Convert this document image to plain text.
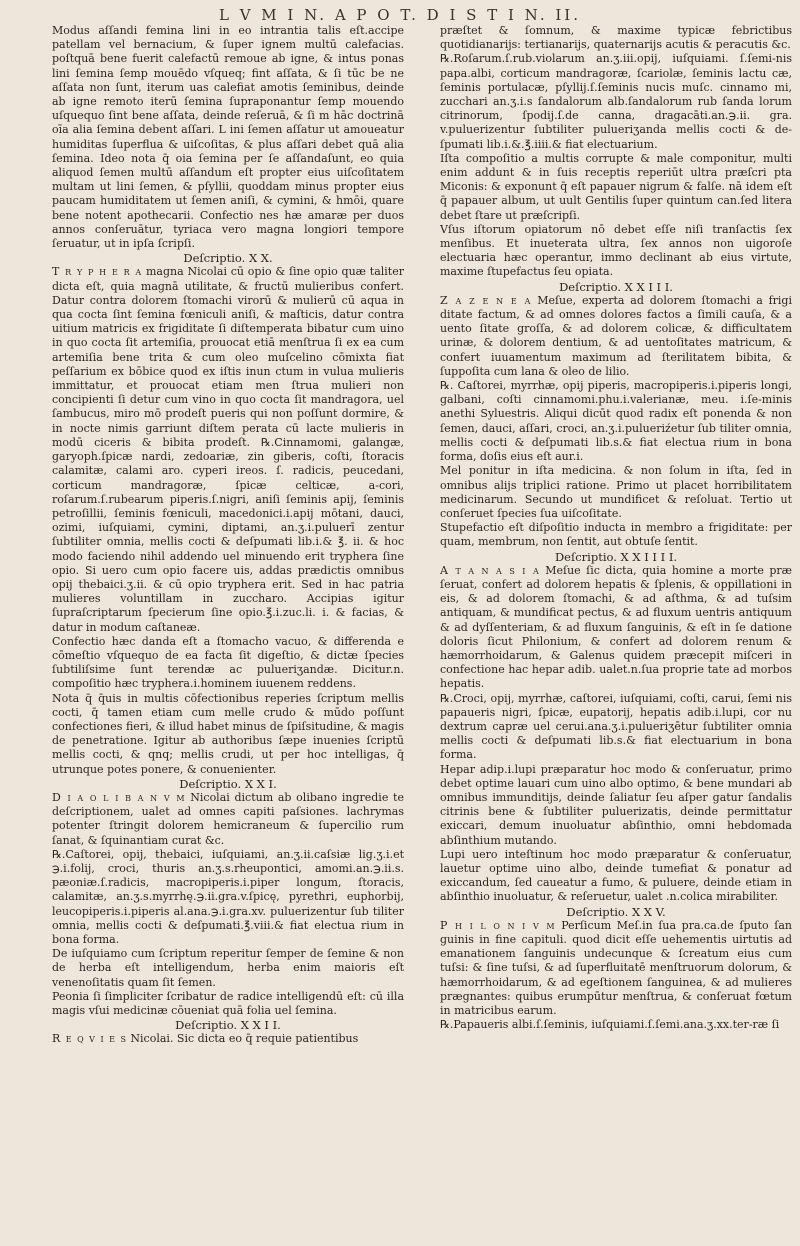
L V M I N. A P O T. D I S T I N. II.

Modus aſſandi femina lini in eo intrantia talis eſt.accipe patellam vel bernacium, & ſuper ignem multū calefacias. poſtquā bene fuerit calefactū remoue ab igne, & intus ponas lini ſemina ſemp mouēdo vſqueq; fint aſſata, & ſi tūc be ne aſſata non ſunt, iterum uas calefiat amotis ſeminibus, deinde ab igne remoto iterū ſemina ſupraponantur ſemp mouendo uſquequo ſint bene aſſata, deinde reſeruā, & ſi m hāc doctrinā oīa alia ſemina debent aſſari. L ini ſemen aſſatur ut amoueatur humiditas ſuperflua & uiſcoſitas, & plus aſſari debet quā alia ſemina. Ideo nota q̄ oia ſemina per ſe aſſandaſunt, eo quia aliquod ſemen multū aſſandum eſt propter eius uiſcoſitatem multam ut lini ſemen, & pſyllii, quoddam minus propter eius paucam humiditatem ut ſemen aniſi, & cymini, & hmōi, quare bene notent apothecarii. Confectio nes hæ amaræ per duos annos conſeruātur, tyriaca vero magna longiori tempore ſeruatur, ut in ipſa ſcripſi.

Deſcriptio. X X.

T r y p h e r a magna Nicolai cū opio & ſine opio quæ taliter dicta eſt, quia magnā utilitate, & fructū mulieribus confert. Datur contra dolorem ſtomachi virorū & mulierū cū aqua in qua cocta ſint ſemina fœniculi aniſi, & maſticis, datur contra uitium matricis ex frigiditate ſi diſtemperata bibatur cum uino in quo cocta ſit artemiſia, prouocat etiā menſtrua ſi ex ea cum artemiſia bene trita & cum oleo muſcelino cōmixta fiat peſſarium ex bōbice quod ex iſtis inun ctum in vulua mulieris immittatur, et prouocat etiam men ſtrua mulieri non concipienti ſi detur cum vino in quo cocta ſit mandragora, uel ſambucus, miro mō prodeſt pueris qui non poſſunt dormire, & in nocte nimis garriunt diſtem perata cū lacte mulieris in modū ciceris & bibita prodeſt. ℞.Cinnamomi, galangæ, garyoph.ſpicæ nardi, zedoariæ, zin giberis, coſti, ſtoracis calamitæ, calami aro. cyperi ireos. ſ. radicis, peucedani, corticum mandragoræ, ſpicæ celticæ, a-cori, roſarum.ſ.rubearum piperis.ſ.nigri, aniſi ſeminis apij, ſeminis petroſillii, ſeminis fœniculi, macedonici.i.apij mōtani, dauci, ozimi, iuſquiami, cymini, diptami, an.ʒ.i.puluerī zentur ſubtiliter omnia, mellis cocti & deſpumati lib.i.& ℥. ii. & hoc modo faciendo nihil addendo uel minuendo erit tryphera ſine opio. Si uero cum opio facere uis, addas prædictis omnibus opij thebaici.ʒ.ii. & cū opio tryphera erit. Sed in hac patria mulieres voluntillam in zuccharo. Accipias igitur ſupraſcriptarum ſpecierum ſine opio.℥.i.zuc.li. i. & facias, & datur in modum caſtaneæ.

Confectio hæc danda eſt a ſtomacho vacuo, & differenda e cōmeſtio vſquequo de ea facta ſit digeſtio, & dictæ ſpecies ſubtiliſsime ſunt terendæ ac pulueriʒandæ. Dicitur.n. compoſitio hæc tryphera.i.hominem iuuenem reddens.

Nota q̄ q̄uis in multis cōfectionibus reperies ſcriptum mellis cocti, q̄ tamen etiam cum melle crudo & mūdo poſſunt confectiones fieri, & illud habet minus de ſpiſsitudine, & magis de penetratione. Igitur ab authoribus ſæpe inuenies ſcriptū mellis cocti, & qnq; mellis crudi, ut per hoc intelligas, q̄ utrunque potes ponere, & conuenienter.

Deſcriptio. X X I.

D i a o l i b a n v m Nicolai dictum ab olibano ingredie te deſcriptionem, ualet ad omnes capiti paſsiones. lachrymas potenter ſtringit dolorem hemicraneum & ſupercilio rum ſanat, & ſquinantiam curat &c.

℞.Caſtorei, opij, thebaici, iuſquiami, an.ʒ.ii.caſsiæ lig.ʒ.i.et ℈.i.folij, croci, thuris an.ʒ.s.rheupontici, amomi.an.℈.ii.s. pæoniæ.ſ.radicis, macropiperis.i.piper longum, ſtoracis, calamitæ, an.ʒ.s.myrrhę.℈.ii.gra.v.ſpicę, pyrethri, euphorbij, leucopiperis.i.piperis al.ana.℈.i.gra.xv. puluerizentur ſub tiliter omnia, mellis cocti & deſpumati.℥.viii.& fiat electua rium in bona forma.

De iuſquiamo cum ſcriptum reperitur ſemper de ſemine & non de herba eſt intelligendum, herba enim maioris eſt venenoſitatis quam ſit ſemen.

Peonia ſi ſimpliciter ſcribatur de radice intelligendū eſt: cū illa magis vſui medicinæ cōueniat quā folia uel ſemina.

Deſcriptio. X X I I.

R e q v i e s Nicolai. Sic dicta eo q̄ requie patientibus

præſtet & ſomnum, & maxime typicæ febrictibus quotidianarijs: tertianarijs, quaternarijs acutis & peracutis &c.

℞.Roſarum.ſ.rub.violarum an.ʒ.iii.opij, iuſquiami. ſ.ſemi-nis papa.albi, corticum mandragoræ, ſcariolæ, ſeminis lactu cæ, ſeminis portulacæ, pſyllij.ſ.ſeminis nucis muſc. cinnamo mi, zucchari an.ʒ.i.s ſandalorum alb.ſandalorum rub ſanda lorum citrinorum, ſpodij.ſ.de canna, dragacāti.an.℈.ii. gra. v.puluerizentur ſubtiliter pulueriʒanda mellis cocti & de-ſpumati lib.i.&.℥.iiii.& fiat electuarium.

Iſta compoſitio a multis corrupte & male componitur, multi enim addunt & in ſuis receptis reperiūt ultra præſcri pta Miconis: & exponunt q̄ eſt papauer nigrum & falſe. nā idem eſt q̄ papauer album, ut uult Gentilis ſuper quintum can.ſed litera debet ſtare ut præſcripſi.

Vſus iſtorum opiatorum nō debet eſſe niſi tranſactis ſex menſibus. Et inueterata ultra, ſex annos non uigoroſe electuaria hæc operantur, immo declinant ab eius virtute, maxime ſtupefactus ſeu opiata.

Deſcriptio. X X I I I.

Z a z e n e a Meſue, experta ad dolorem ſtomachi a frigi ditate factum, & ad omnes dolores factos a ſimili cauſa, & a uento ſitate groſſa, & ad dolorem colicæ, & difficultatem urinæ, & dolorem dentium, & ad uentoſitates matricum, & confert iuuamentum maximum ad ſterilitatem bibita, & ſuppoſita cum lana & oleo de lilio.

℞. Caſtorei, myrrhæ, opij piperis, macropiperis.i.piperis longi, galbani, coſti cinnamomi.phu.i.valerianæ, meu. i.ſe-minis anethi Syluestris. Aliqui dicūt quod radix eſt ponenda & non ſemen, dauci, aſſari, croci, an.ʒ.i.pulueriźetur ſub tiliter omnia, mellis cocti & deſpumati lib.s.& fiat electua rium in bona forma, doſis eius eſt aur.i.

Mel ponitur in iſta medicina. & non ſolum in iſta, ſed in omnibus alijs triplici ratione. Primo ut placet horribilitatem medicinarum. Secundo ut mundificet & reſoluat. Tertio ut conſeruet ſpecies ſua uiſcoſitate.

Stupefactio eſt diſpoſitio inducta in membro a frigiditate: per quam, membrum, non ſentit, aut obtuſe ſentit.

Deſcriptio. X X I I I I.

A t a n a s i a Meſue ſic dicta, quia homine a morte præ ſeruat, confert ad dolorem hepatis & ſplenis, & oppillationi in eis, & ad dolorem ſtomachi, & ad aſthma, & ad tuſsim antiquam, & mundificat pectus, & ad fluxum uentris antiquum & ad dyſſenteriam, & ad fluxum ſanguinis, & eſt in ſe datione doloris ſicut Philonium, & confert ad dolorem renum & hæmorrhoidarum, & Galenus quidem præcepit miſceri in confectione hac hepar adib. ualet.n.ſua proprie tate ad morbos hepatis.

℞.Croci, opij, myrrhæ, caſtorei, iuſquiami, coſti, carui, ſemi nis papaueris nigri, ſpicæ, eupatorij, hepatis adib.i.lupi, cor nu dextrum capræ uel cerui.ana.ʒ.i.pulueriʒētur ſubtiliter omnia mellis cocti & deſpumati lib.s.& fiat electuarium in bona forma.

Hepar adip.i.lupi præparatur hoc modo & conſeruatur, primo debet optime lauari cum uino albo optimo, & bene mundari ab omnibus immunditijs, deinde ſaliatur ſeu aſper gatur ſandalis citrinis bene & ſubtiliter puluerizatis, deinde permittatur exiccari, demum inuoluatur abſinthio, omni hebdomada abſinthium mutando.

Lupi uero inteſtinum hoc modo præparatur & conſeruatur, lauetur optime uino albo, deinde tumefiat & ponatur ad exiccandum, ſed caueatur a fumo, & puluere, deinde etiam in abſinthio inuoluatur, & reſeruetur, ualet .n.colica mirabiliter.

Deſcriptio. X X V.

P h i l o n i v m Perſicum Meſ.in ſua pra.ca.de ſputo ſan guinis in fine capituli. quod dicit eſſe uehementis uirtutis ad emanationem ſanguinis undecunque & ſcreatum eius cum tuſsi: & ſine tuſsi, & ad ſuperfluitatē menſtruorum dolorum, & hæmorrhoidarum, & ad egeſtionem ſanguinea, & ad mulieres prægnantes: quibus erumpūtur menſtrua, & conſeruat fœtum in matricibus earum.

℞.Papaueris albi.ſ.ſeminis, iuſquiami.ſ.ſemi.ana.ʒ.xx.ter-ræ ſi
